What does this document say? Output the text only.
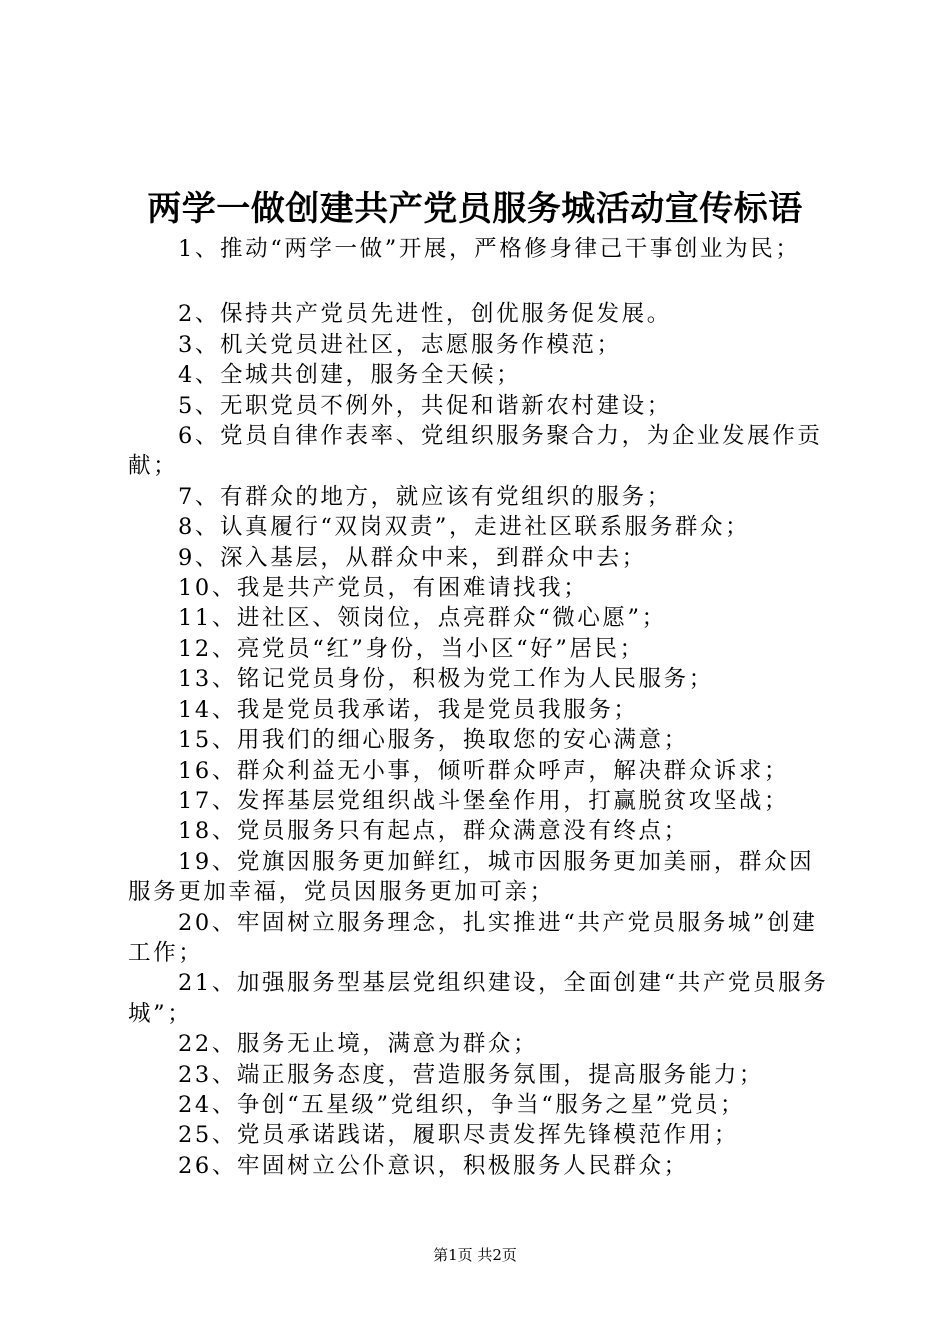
两学一做创建共产党员服务城活动宣传标语

1、推动“两学一做”开展，严格修身律己干事创业为民；

2、保持共产党员先进性，创优服务促发展。

3、机关党员进社区，志愿服务作模范；

4、全城共创建，服务全天候；

5、无职党员不例外，共促和谐新农村建设；

6、党员自律作表率、党组织服务聚合力，为企业发展作贡献；

7、有群众的地方，就应该有党组织的服务；

8、认真履行“双岗双责”，走进社区联系服务群众；

9、深入基层，从群众中来，到群众中去；

10、我是共产党员，有困难请找我；

11、进社区、领岗位，点亮群众“微心愿”；

12、亮党员“红”身份，当小区“好”居民；

13、铭记党员身份，积极为党工作为人民服务；

14、我是党员我承诺，我是党员我服务；

15、用我们的细心服务，换取您的安心满意；

16、群众利益无小事，倾听群众呼声，解决群众诉求；

17、发挥基层党组织战斗堡垒作用，打赢脱贫攻坚战；

18、党员服务只有起点，群众满意没有终点；

19、党旗因服务更加鲜红，城市因服务更加美丽，群众因服务更加幸福，党员因服务更加可亲；

20、牢固树立服务理念，扎实推进“共产党员服务城”创建工作；

21、加强服务型基层党组织建设，全面创建“共产党员服务城”；

22、服务无止境，满意为群众；

23、端正服务态度，营造服务氛围，提高服务能力；

24、争创“五星级”党组织，争当“服务之星”党员；

25、党员承诺践诺，履职尽责发挥先锋模范作用；

26、牢固树立公仆意识，积极服务人民群众；

第1页 共2页
